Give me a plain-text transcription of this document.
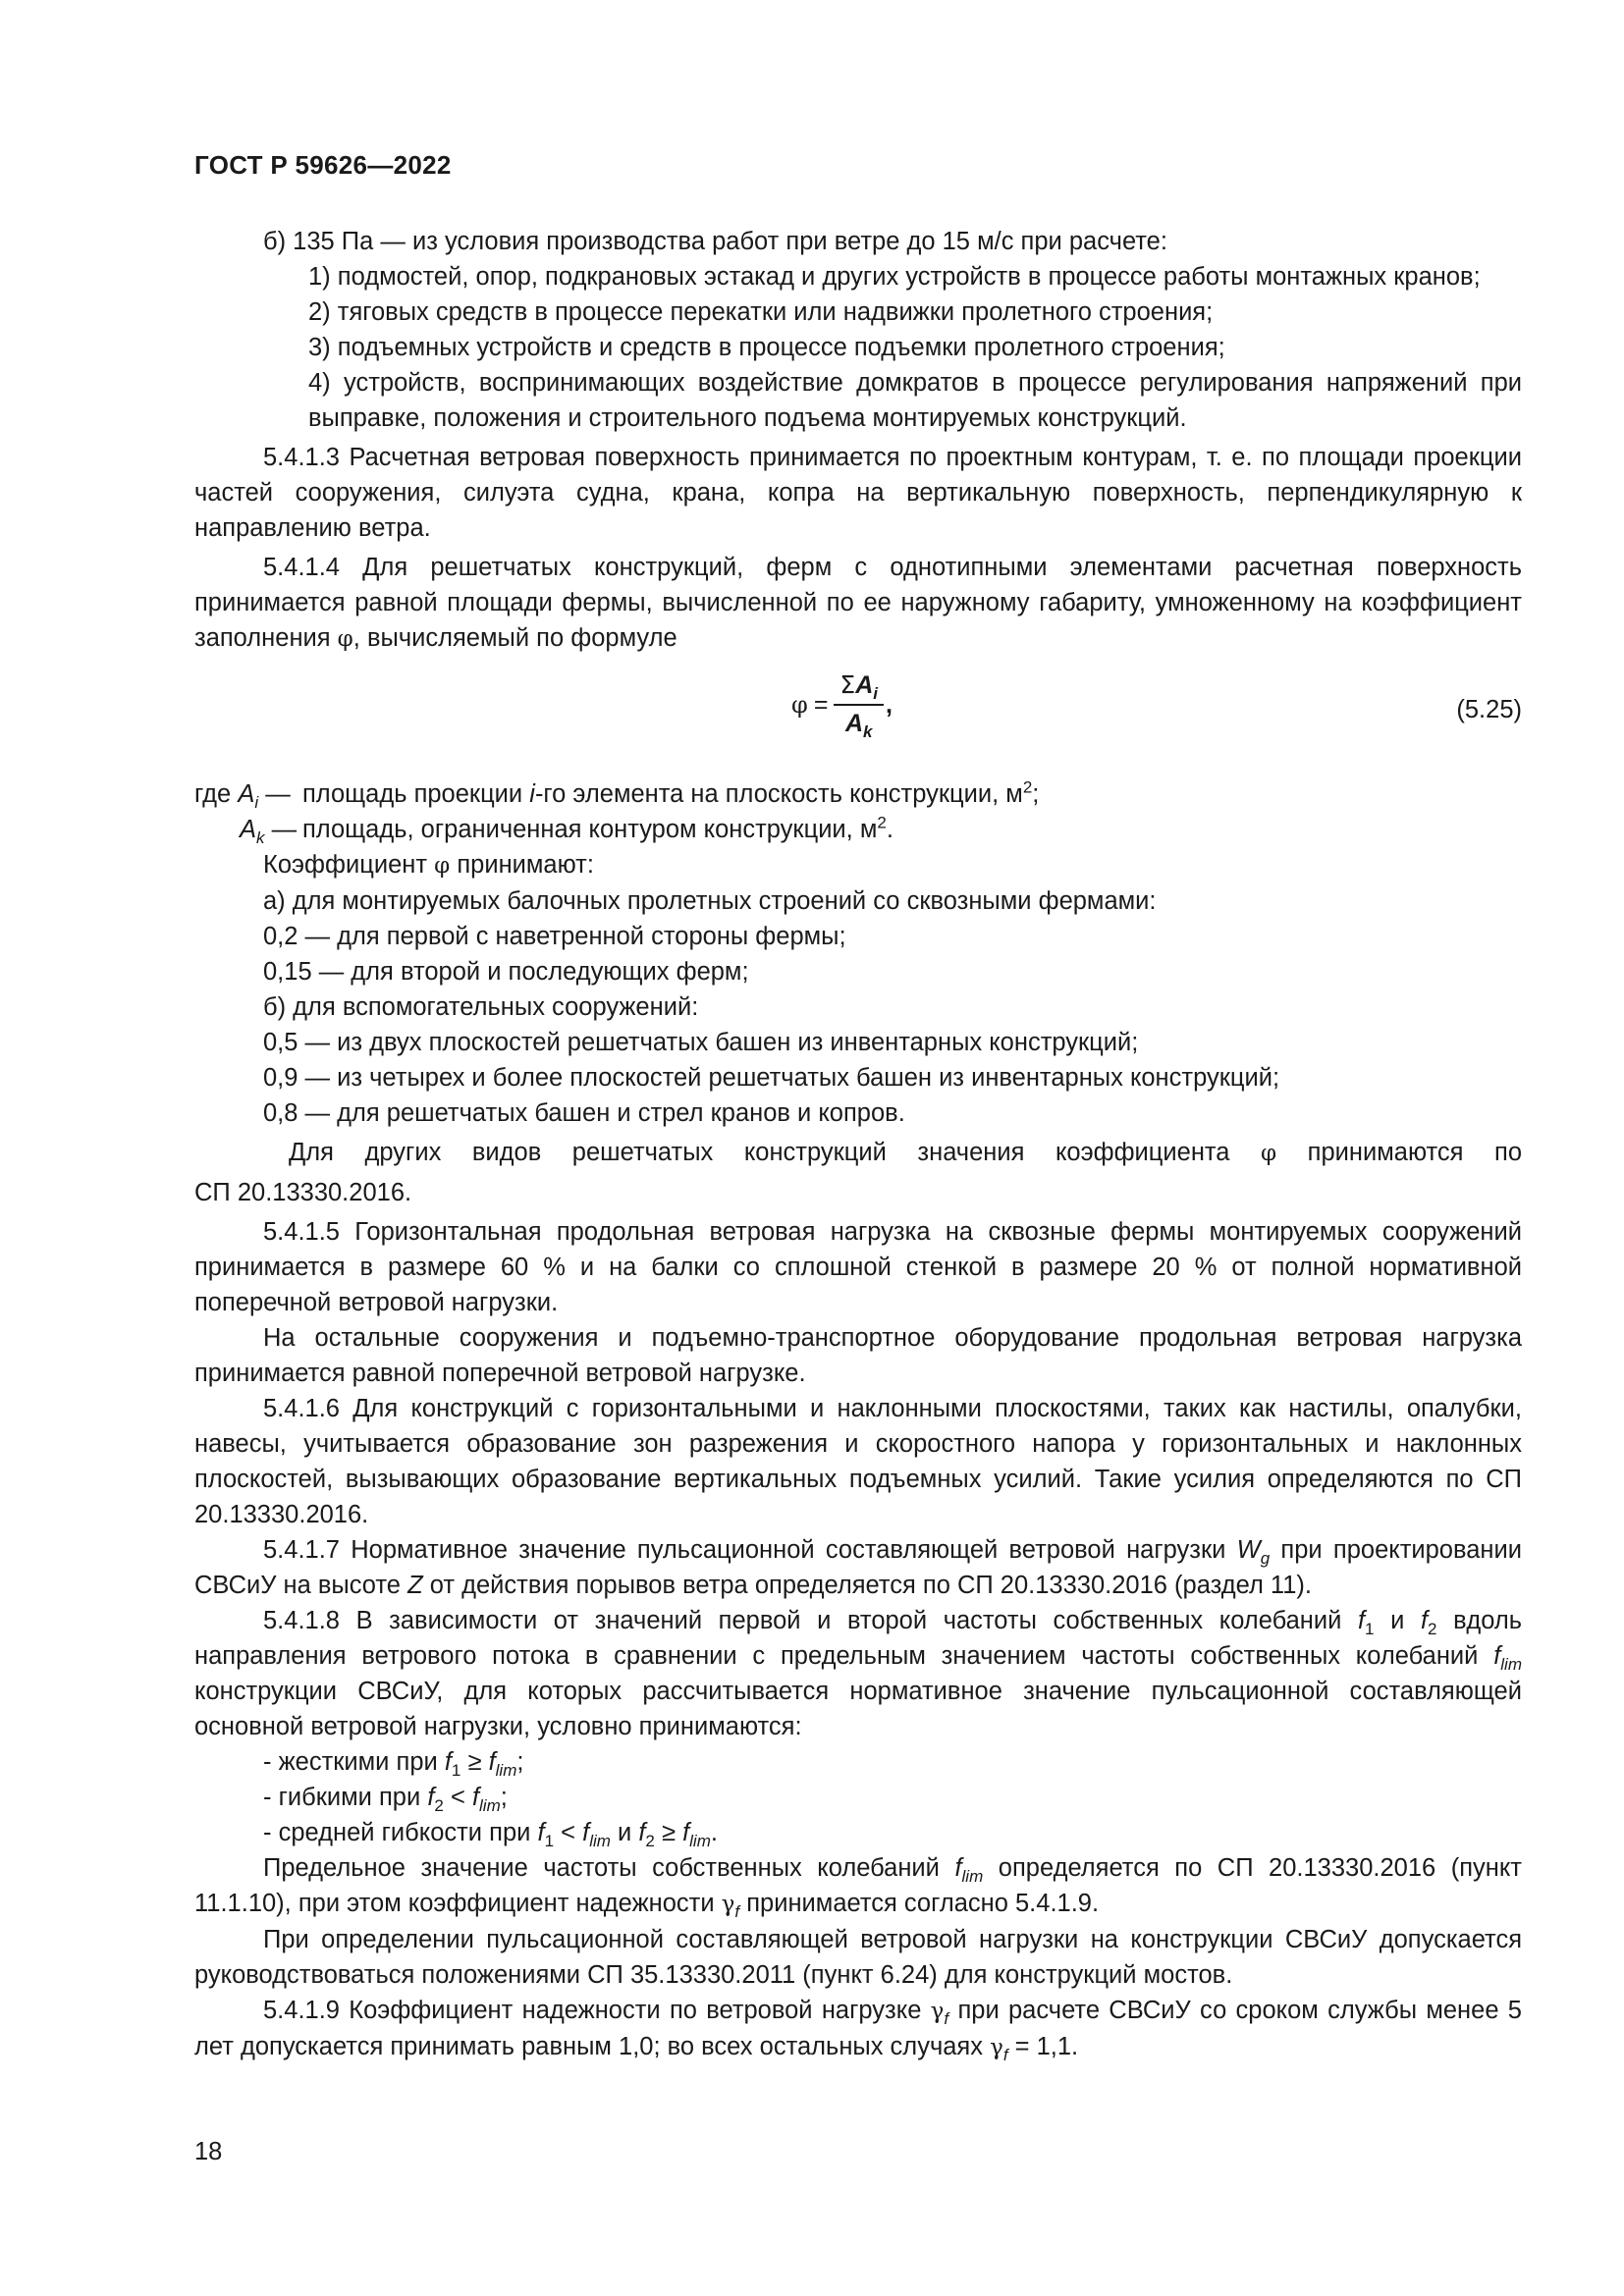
ГОСТ Р 59626—2022

б) 135 Па — из условия производства работ при ветре до 15 м/с при расчете:

1) подмостей, опор, подкрановых эстакад и других устройств в процессе работы монтажных кранов;

2) тяговых средств в процессе перекатки или надвижки пролетного строения;

3) подъемных устройств и средств в процессе подъемки пролетного строения;

4) устройств, воспринимающих воздействие домкратов в процессе регулирования напряжений при выправке, положения и строительного подъема монтируемых конструкций.

5.4.1.3 Расчетная ветровая поверхность принимается по проектным контурам, т. е. по площади проекции частей сооружения, силуэта судна, крана, копра на вертикальную поверхность, перпендикулярную к направлению ветра.

5.4.1.4 Для решетчатых конструкций, ферм с однотипными элементами расчетная поверхность принимается равной площади фермы, вычисленной по ее наружному габариту, умноженному на коэффициент заполнения φ, вычисляемый по формуле

$\varphi = \frac{\Sigma A_i}{A_k}$ ,	(5.25)
где $A_i$ — площадь проекции i-го элемента на плоскость конструкции, $м^2$;
$A_k$ — площадь, ограниченная контуром конструкции, $м^2$.

Коэффициент φ принимают:

а) для монтируемых балочных пролетных строений со сквозными фермами:

0,2 — для первой с наветренной стороны фермы;

0,15 — для второй и последующих ферм;

б) для вспомогательных сооружений:

0,5 — из двух плоскостей решетчатых башен из инвентарных конструкций;

0,9 — из четырех и более плоскостей решетчатых башен из инвентарных конструкций;

0,8 — для решетчатых башен и стрел кранов и копров.

Для других видов решетчатых конструкций значения коэффициента φ принимаются по

СП 20.13330.2016.

5.4.1.5 Горизонтальная продольная ветровая нагрузка на сквозные фермы монтируемых сооружений принимается в размере 60 % и на балки со сплошной стенкой в размере 20 % от полной нормативной поперечной ветровой нагрузки.

На остальные сооружения и подъемно-транспортное оборудование продольная ветровая нагрузка принимается равной поперечной ветровой нагрузке.

5.4.1.6 Для конструкций с горизонтальными и наклонными плоскостями, таких как настилы, опалубки, навесы, учитывается образование зон разрежения и скоростного напора у горизонтальных и наклонных плоскостей, вызывающих образование вертикальных подъемных усилий. Такие усилия определяются по СП 20.13330.2016.

5.4.1.7 Нормативное значение пульсационной составляющей ветровой нагрузки $W_g$ при проектировании СВСиУ на высоте Z от действия порывов ветра определяется по СП 20.13330.2016 (раздел 11).

5.4.1.8 В зависимости от значений первой и второй частоты собственных колебаний $f_1$ и $f_2$ вдоль направления ветрового потока в сравнении с предельным значением частоты собственных колебаний $f_{lim}$ конструкции СВСиУ, для которых рассчитывается нормативное значение пульсационной составляющей основной ветровой нагрузки, условно принимаются:

- жесткими при $f_1 \ge f_{lim}$;

- гибкими при $f_2 < f_{lim}$;

- средней гибкости при $f_1 < f_{lim}$ и $f_2 \ge f_{lim}$.

Предельное значение частоты собственных колебаний $f_{lim}$ определяется по СП 20.13330.2016 (пункт 11.1.10), при этом коэффициент надежности $\gamma_f$ принимается согласно 5.4.1.9.

При определении пульсационной составляющей ветровой нагрузки на конструкции СВСиУ допускается руководствоваться положениями СП 35.13330.2011 (пункт 6.24) для конструкций мостов.

5.4.1.9 Коэффициент надежности по ветровой нагрузке $\gamma_f$ при расчете СВСиУ со сроком службы менее 5 лет допускается принимать равным 1,0; во всех остальных случаях $\gamma_f = 1,1$.

18
